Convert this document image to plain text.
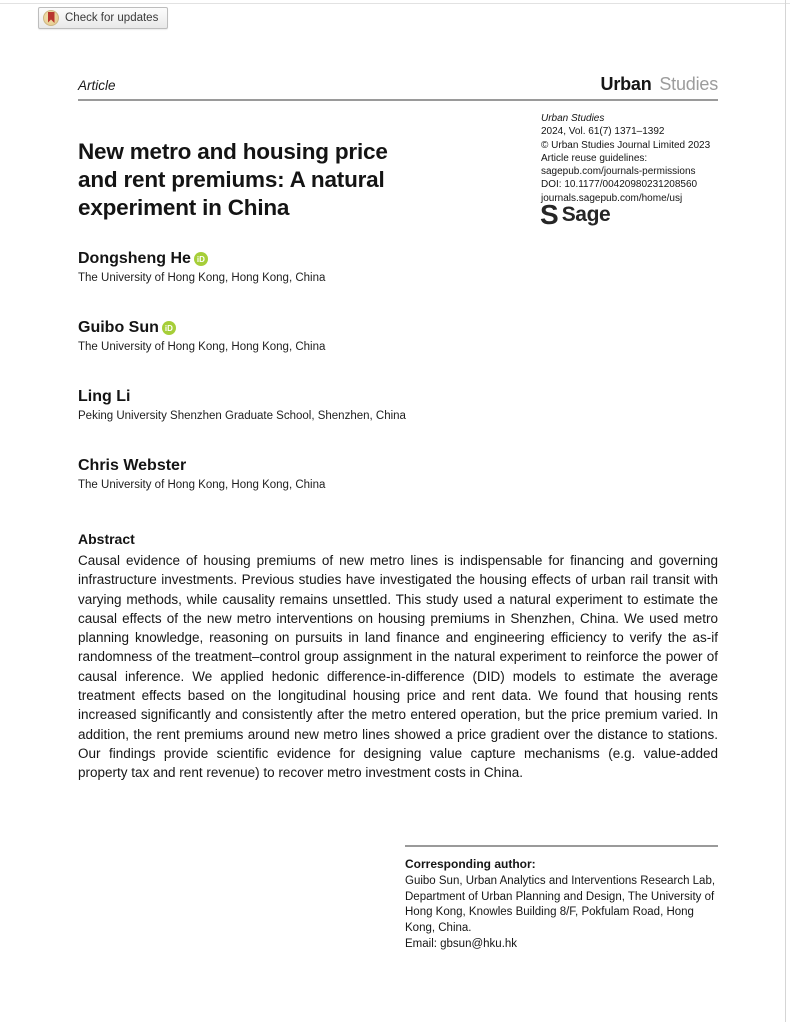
Check for updates
Article	Urban Studies
Urban Studies
2024, Vol. 61(7) 1371–1392
© Urban Studies Journal Limited 2023
Article reuse guidelines:
sagepub.com/journals-permissions
DOI: 10.1177/00420980231208560
journals.sagepub.com/home/usj
S Sage
New metro and housing price
and rent premiums: A natural
experiment in China
Dongsheng He iD
The University of Hong Kong, Hong Kong, China
Guibo Sun iD
The University of Hong Kong, Hong Kong, China
Ling Li
Peking University Shenzhen Graduate School, Shenzhen, China
Chris Webster
The University of Hong Kong, Hong Kong, China
Abstract
Causal evidence of housing premiums of new metro lines is indispensable for financing and governing infrastructure investments. Previous studies have investigated the housing effects of urban rail transit with varying methods, while causality remains unsettled. This study used a natural experiment to estimate the causal effects of the new metro interventions on housing premiums in Shenzhen, China. We used metro planning knowledge, reasoning on pursuits in land finance and engineering efficiency to verify the as-if randomness of the treatment–control group assignment in the natural experiment to reinforce the power of causal inference. We applied hedonic difference-in-difference (DID) models to estimate the average treatment effects based on the longitudinal housing price and rent data. We found that housing rents increased significantly and consistently after the metro entered operation, but the price premium varied. In addition, the rent premiums around new metro lines showed a price gradient over the distance to stations. Our findings provide scientific evidence for designing value capture mechanisms (e.g. value-added property tax and rent revenue) to recover metro investment costs in China.
Corresponding author:
Guibo Sun, Urban Analytics and Interventions Research Lab, Department of Urban Planning and Design, The University of Hong Kong, Knowles Building 8/F, Pokfulam Road, Hong Kong, China.
Email: gbsun@hku.hk
